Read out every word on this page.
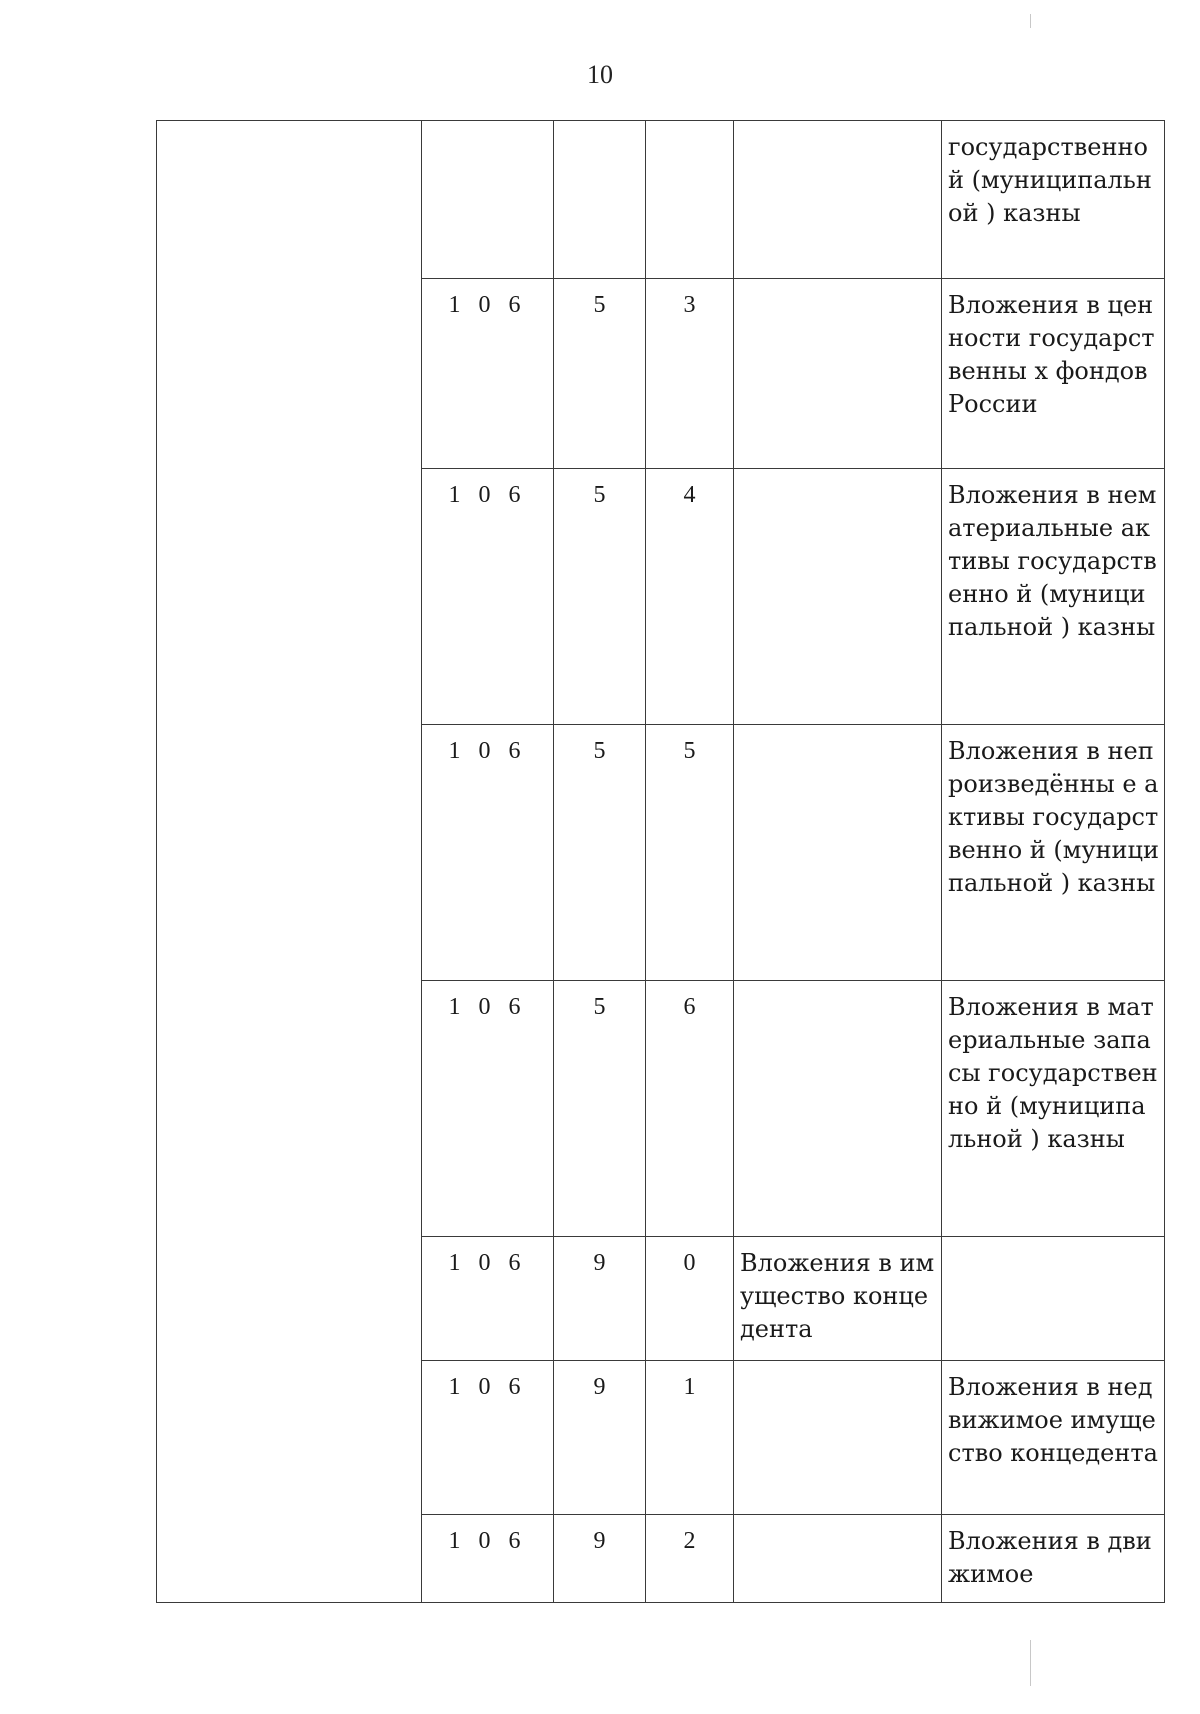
10
					государственно й (муниципальной ) казны
	1 0 6	5	3		Вложения в ценности государственны х фондов России
	1 0 6	5	4		Вложения в нематериальные активы государственно й (муниципальной ) казны
	1 0 6	5	5		Вложения в непроизведённы е активы государственно й (муниципальной ) казны
	1 0 6	5	6		Вложения в материальные запасы государственно й (муниципальной ) казны
	1 0 6	9	0	Вложения в имущество концедента	
	1 0 6	9	1		Вложения в недвижимое имущество концедента
	1 0 6	9	2		Вложения в движимое
